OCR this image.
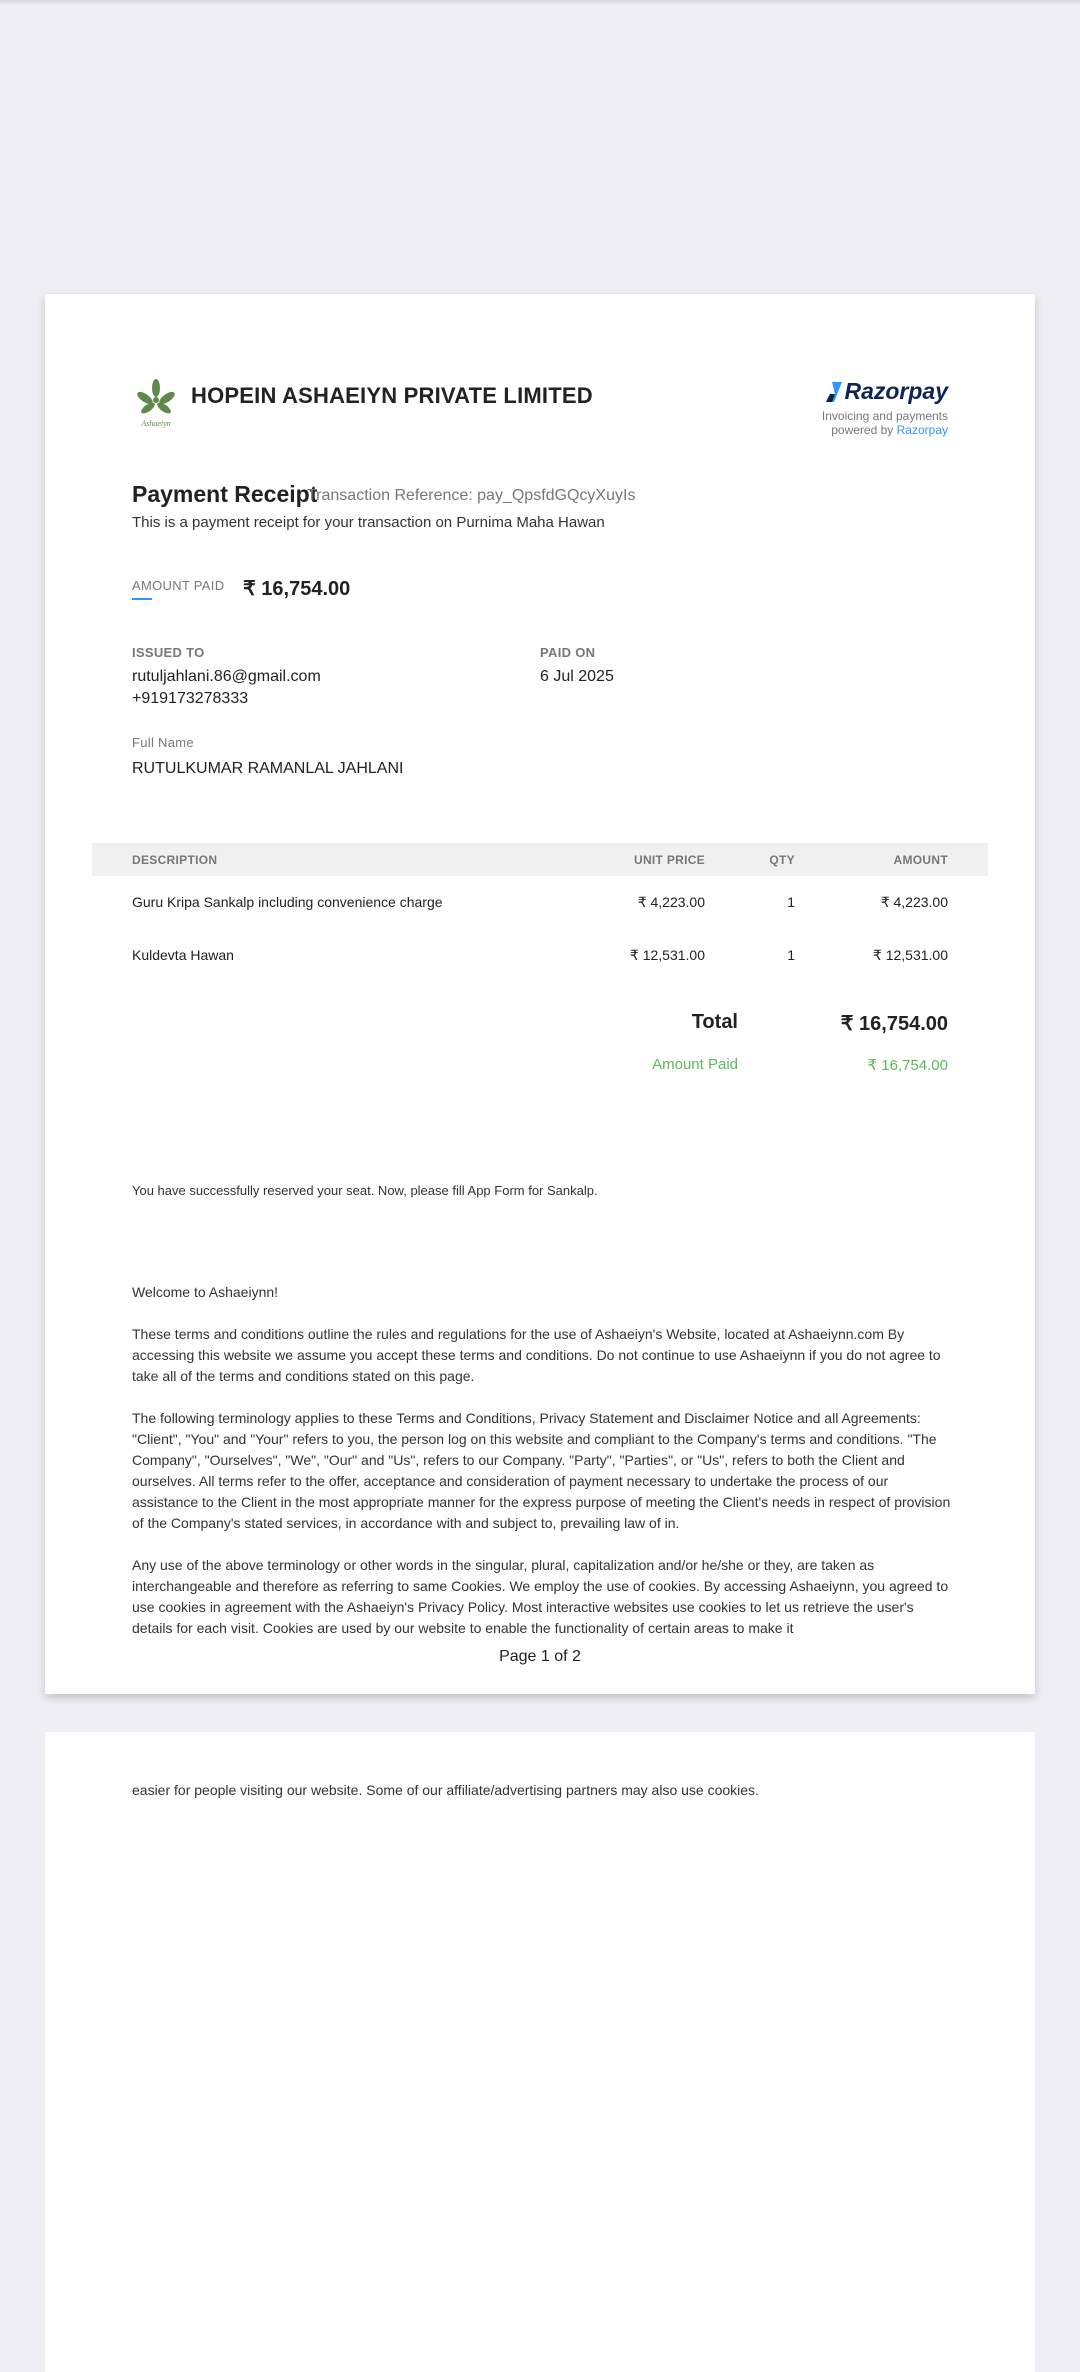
Ashaeiyn
HOPEIN ASHAEIYN PRIVATE LIMITED	Razorpay
Invoicing and payments
powered by Razorpay
Payment Receipt
Transaction Reference: pay_QpsfdGQcyXuyIs
This is a payment receipt for your transaction on Purnima Maha Hawan
AMOUNT PAID ₹ 16,754.00
ISSUED TO
rutuljahlani.86@gmail.com
+919173278333
PAID ON
6 Jul 2025
Full Name
RUTULKUMAR RAMANLAL JAHLANI
DESCRIPTION	UNIT PRICE	QTY	AMOUNT
Guru Kripa Sankalp including convenience charge	₹ 4,223.00	1	₹ 4,223.00
Kuldevta Hawan	₹ 12,531.00	1	₹ 12,531.00
Total	₹ 16,754.00
Amount Paid	₹ 16,754.00
You have successfully reserved your seat. Now, please fill App Form for Sankalp.

Welcome to Ashaeiynn!

These terms and conditions outline the rules and regulations for the use of Ashaeiyn's Website, located at Ashaeiynn.com By accessing this website we assume you accept these terms and conditions. Do not continue to use Ashaeiynn if you do not agree to take all of the terms and conditions stated on this page.

The following terminology applies to these Terms and Conditions, Privacy Statement and Disclaimer Notice and all Agreements: "Client", "You" and "Your" refers to you, the person log on this website and compliant to the Company's terms and conditions. "The Company", "Ourselves", "We", "Our" and "Us", refers to our Company. "Party", "Parties", or "Us", refers to both the Client and ourselves. All terms refer to the offer, acceptance and consideration of payment necessary to undertake the process of our assistance to the Client in the most appropriate manner for the express purpose of meeting the Client's needs in respect of provision of the Company's stated services, in accordance with and subject to, prevailing law of in.

Any use of the above terminology or other words in the singular, plural, capitalization and/or he/she or they, are taken as interchangeable and therefore as referring to same Cookies. We employ the use of cookies. By accessing Ashaeiynn, you agreed to use cookies in agreement with the Ashaeiyn's Privacy Policy. Most interactive websites use cookies to let us retrieve the user's details for each visit. Cookies are used by our website to enable the functionality of certain areas to make it

Page 1 of 2

easier for people visiting our website. Some of our affiliate/advertising partners may also use cookies.
